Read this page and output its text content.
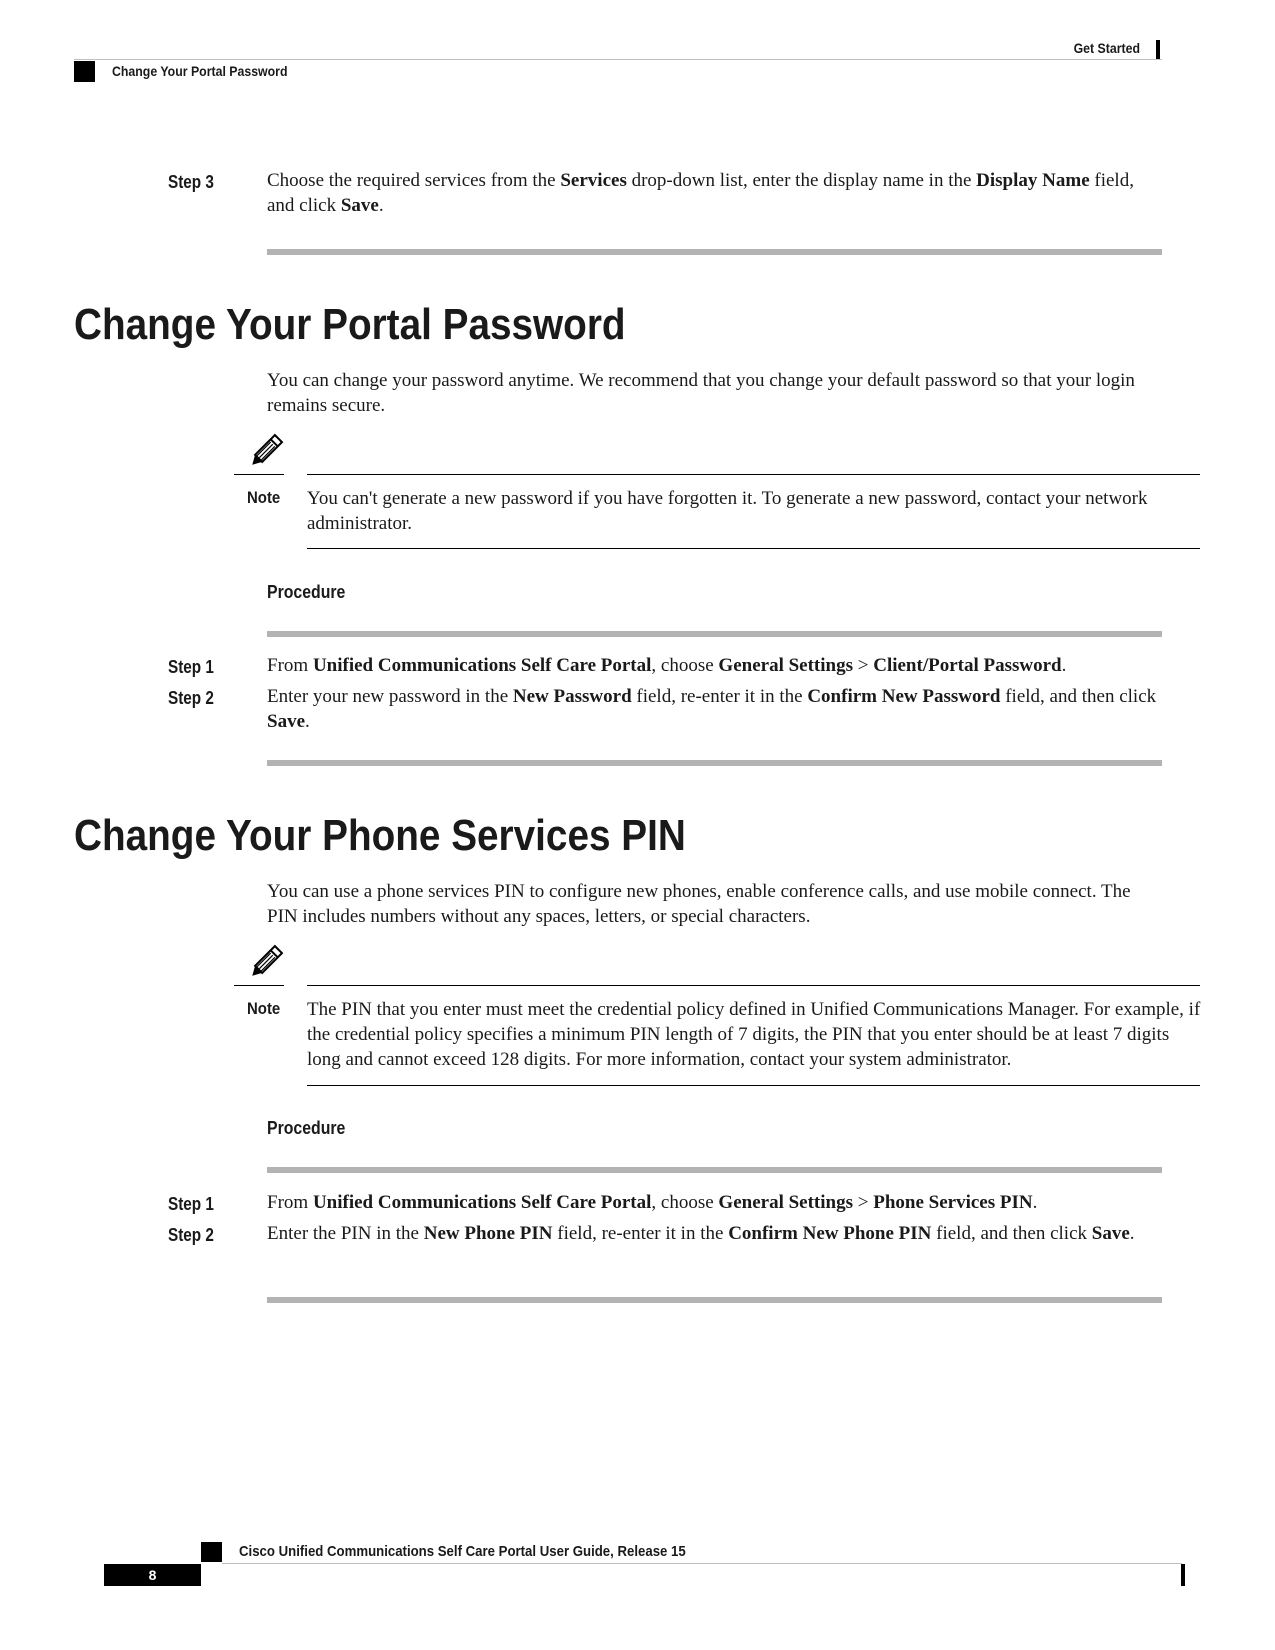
Get Started
Change Your Portal Password
Step 3	Choose the required services from the Services drop-down list, enter the display name in the Display Name field, and click Save.
Change Your Portal Password
You can change your password anytime. We recommend that you change your default password so that your login remains secure.
Note You can't generate a new password if you have forgotten it. To generate a new password, contact your network administrator.
Procedure
Step 1	From Unified Communications Self Care Portal, choose General Settings > Client/Portal Password.
Step 2	Enter your new password in the New Password field, re-enter it in the Confirm New Password field, and then click Save.
Change Your Phone Services PIN
You can use a phone services PIN to configure new phones, enable conference calls, and use mobile connect. The PIN includes numbers without any spaces, letters, or special characters.
Note The PIN that you enter must meet the credential policy defined in Unified Communications Manager. For example, if the credential policy specifies a minimum PIN length of 7 digits, the PIN that you enter should be at least 7 digits long and cannot exceed 128 digits. For more information, contact your system administrator.
Procedure
Step 1	From Unified Communications Self Care Portal, choose General Settings > Phone Services PIN.
Step 2	Enter the PIN in the New Phone PIN field, re-enter it in the Confirm New Phone PIN field, and then click Save.
Cisco Unified Communications Self Care Portal User Guide, Release 15
8
